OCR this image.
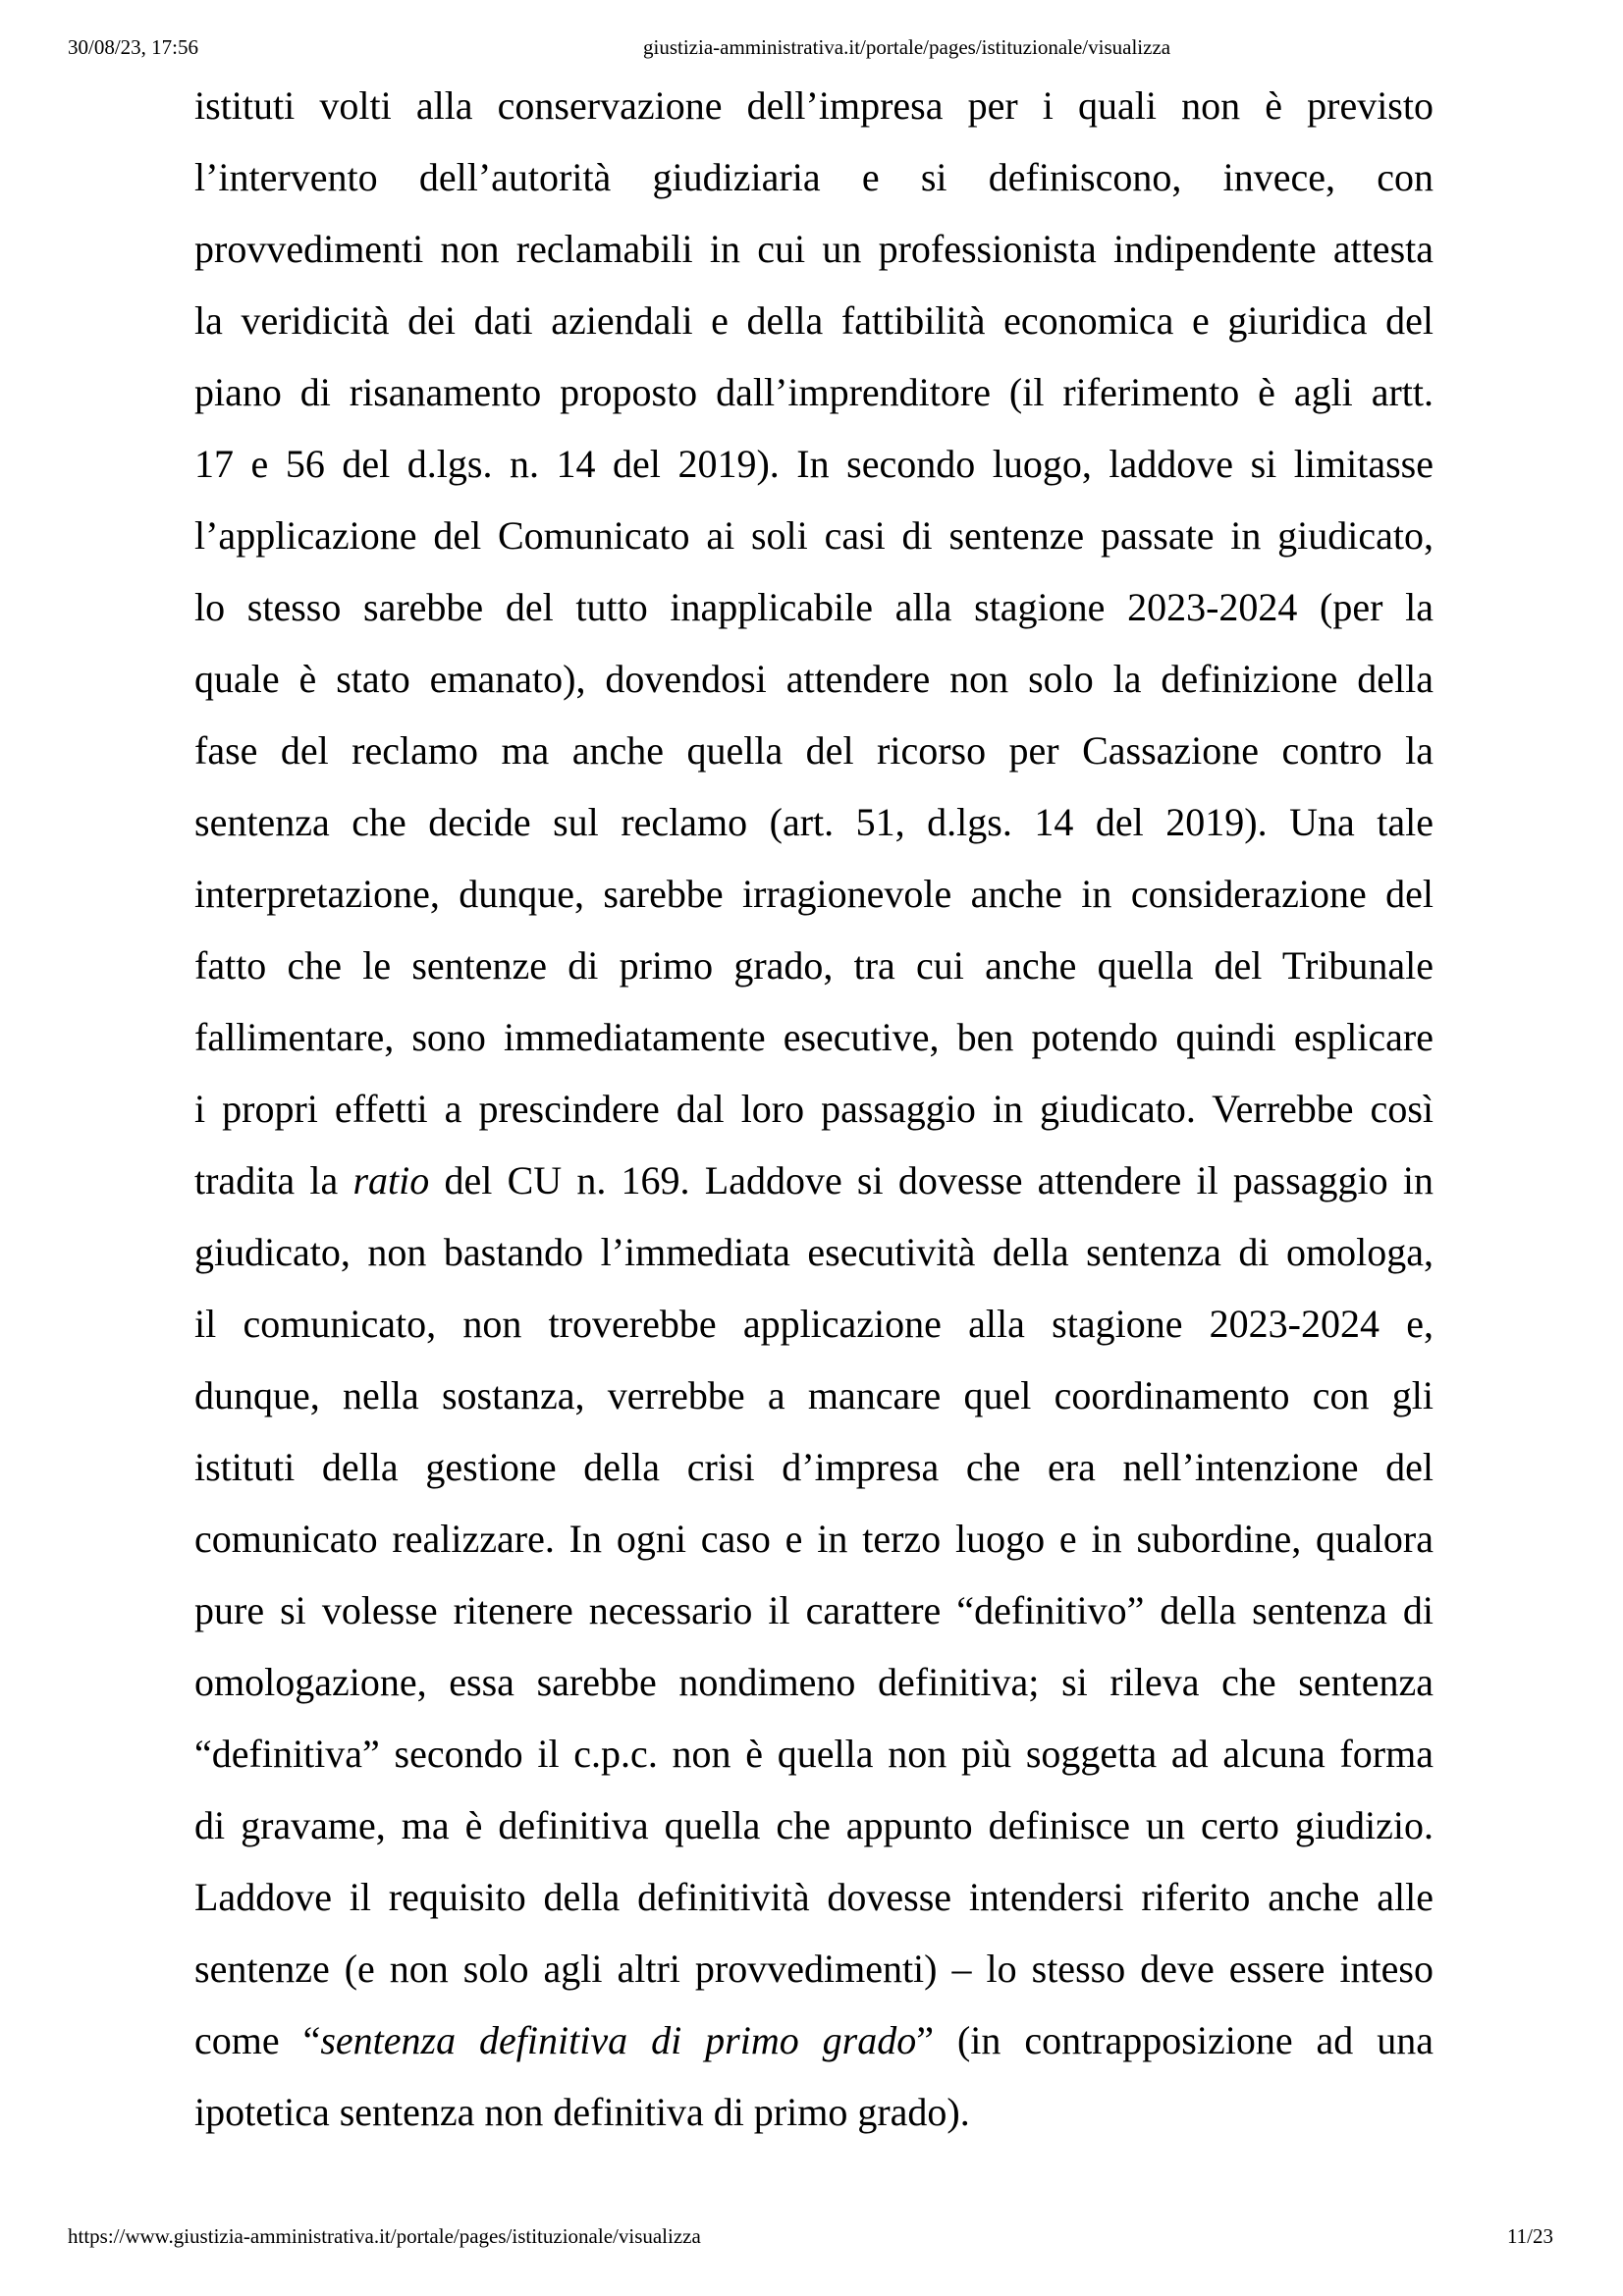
30/08/23, 17:56	giustizia-amministrativa.it/portale/pages/istituzionale/visualizza
istituti volti alla conservazione dell’impresa per i quali non è previsto
l’intervento dell’autorità giudiziaria e si definiscono, invece, con
provvedimenti non reclamabili in cui un professionista indipendente attesta
la veridicità dei dati aziendali e della fattibilità economica e giuridica del
piano di risanamento proposto dall’imprenditore (il riferimento è agli artt.
17 e 56 del d.lgs. n. 14 del 2019). In secondo luogo, laddove si limitasse
l’applicazione del Comunicato ai soli casi di sentenze passate in giudicato,
lo stesso sarebbe del tutto inapplicabile alla stagione 2023-2024 (per la
quale è stato emanato), dovendosi attendere non solo la definizione della
fase del reclamo ma anche quella del ricorso per Cassazione contro la
sentenza che decide sul reclamo (art. 51, d.lgs. 14 del 2019). Una tale
interpretazione, dunque, sarebbe irragionevole anche in considerazione del
fatto che le sentenze di primo grado, tra cui anche quella del Tribunale
fallimentare, sono immediatamente esecutive, ben potendo quindi esplicare
i propri effetti a prescindere dal loro passaggio in giudicato. Verrebbe così
tradita la ratio del CU n. 169. Laddove si dovesse attendere il passaggio in
giudicato, non bastando l’immediata esecutività della sentenza di omologa,
il comunicato, non troverebbe applicazione alla stagione 2023-2024 e,
dunque, nella sostanza, verrebbe a mancare quel coordinamento con gli
istituti della gestione della crisi d’impresa che era nell’intenzione del
comunicato realizzare. In ogni caso e in terzo luogo e in subordine, qualora
pure si volesse ritenere necessario il carattere “definitivo” della sentenza di
omologazione, essa sarebbe nondimeno definitiva; si rileva che sentenza
“definitiva” secondo il c.p.c. non è quella non più soggetta ad alcuna forma
di gravame, ma è definitiva quella che appunto definisce un certo giudizio.
Laddove il requisito della definitività dovesse intendersi riferito anche alle
sentenze (e non solo agli altri provvedimenti) – lo stesso deve essere inteso
come “sentenza definitiva di primo grado” (in contrapposizione ad una
ipotetica sentenza non definitiva di primo grado).
https://www.giustizia-amministrativa.it/portale/pages/istituzionale/visualizza	11/23
